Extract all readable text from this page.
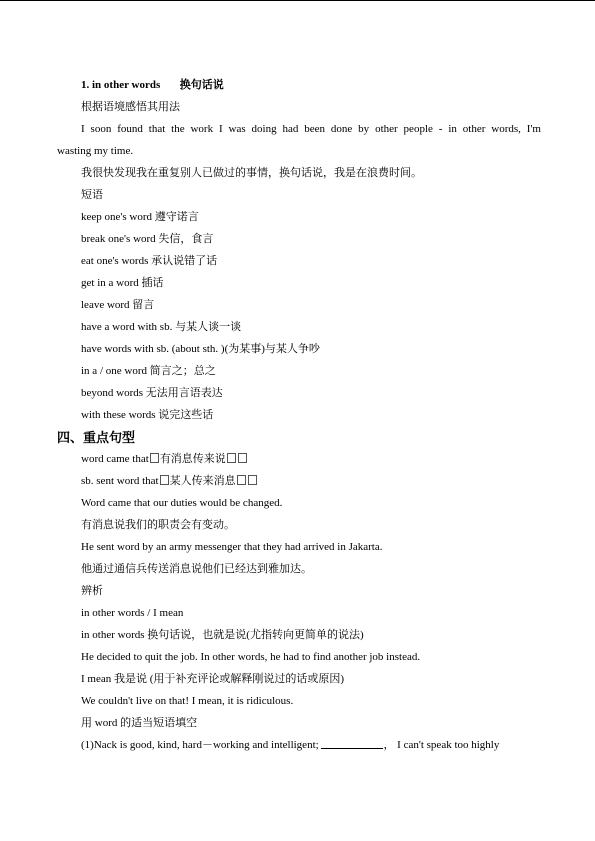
1. in other words 换句话说
根据语境感悟其用法
I soon found that the work I was doing had been done by other people - in other words, I'm
wasting my time.
我很快发现我在重复别人已做过的事情，换句话说，我是在浪费时间。
短语
keep one's word 遵守诺言
break one's word 失信，食言
eat one's words 承认说错了话
get in a word 插话
leave word 留言
have a word with sb. 与某人谈一谈
have words with sb. (about sth. )(为某事)与某人争吵
in a / one word 简言之；总之
beyond words 无法用言语表达
with these words 说完这些话
四、重点句型
word came that 有消息传来说
sb. sent word that 某人传来消息
Word came that our duties would be changed.
有消息说我们的职责会有变动。
He sent word by an army messenger that they had arrived in Jakarta.
他通过通信兵传送消息说他们已经达到雅加达。
辨析
in other words / I mean
in other words 换句话说，也就是说(尤指转向更简单的说法)
He decided to quit the job. In other words, he had to find another job instead.
I mean 我是说 (用于补充评论或解释刚说过的话或原因)
We couldn't live on that! I mean, it is ridiculous.
用 word 的适当短语填空
(1)Nack is good, kind, hard－working and intelligent;	， I can't speak too highly
